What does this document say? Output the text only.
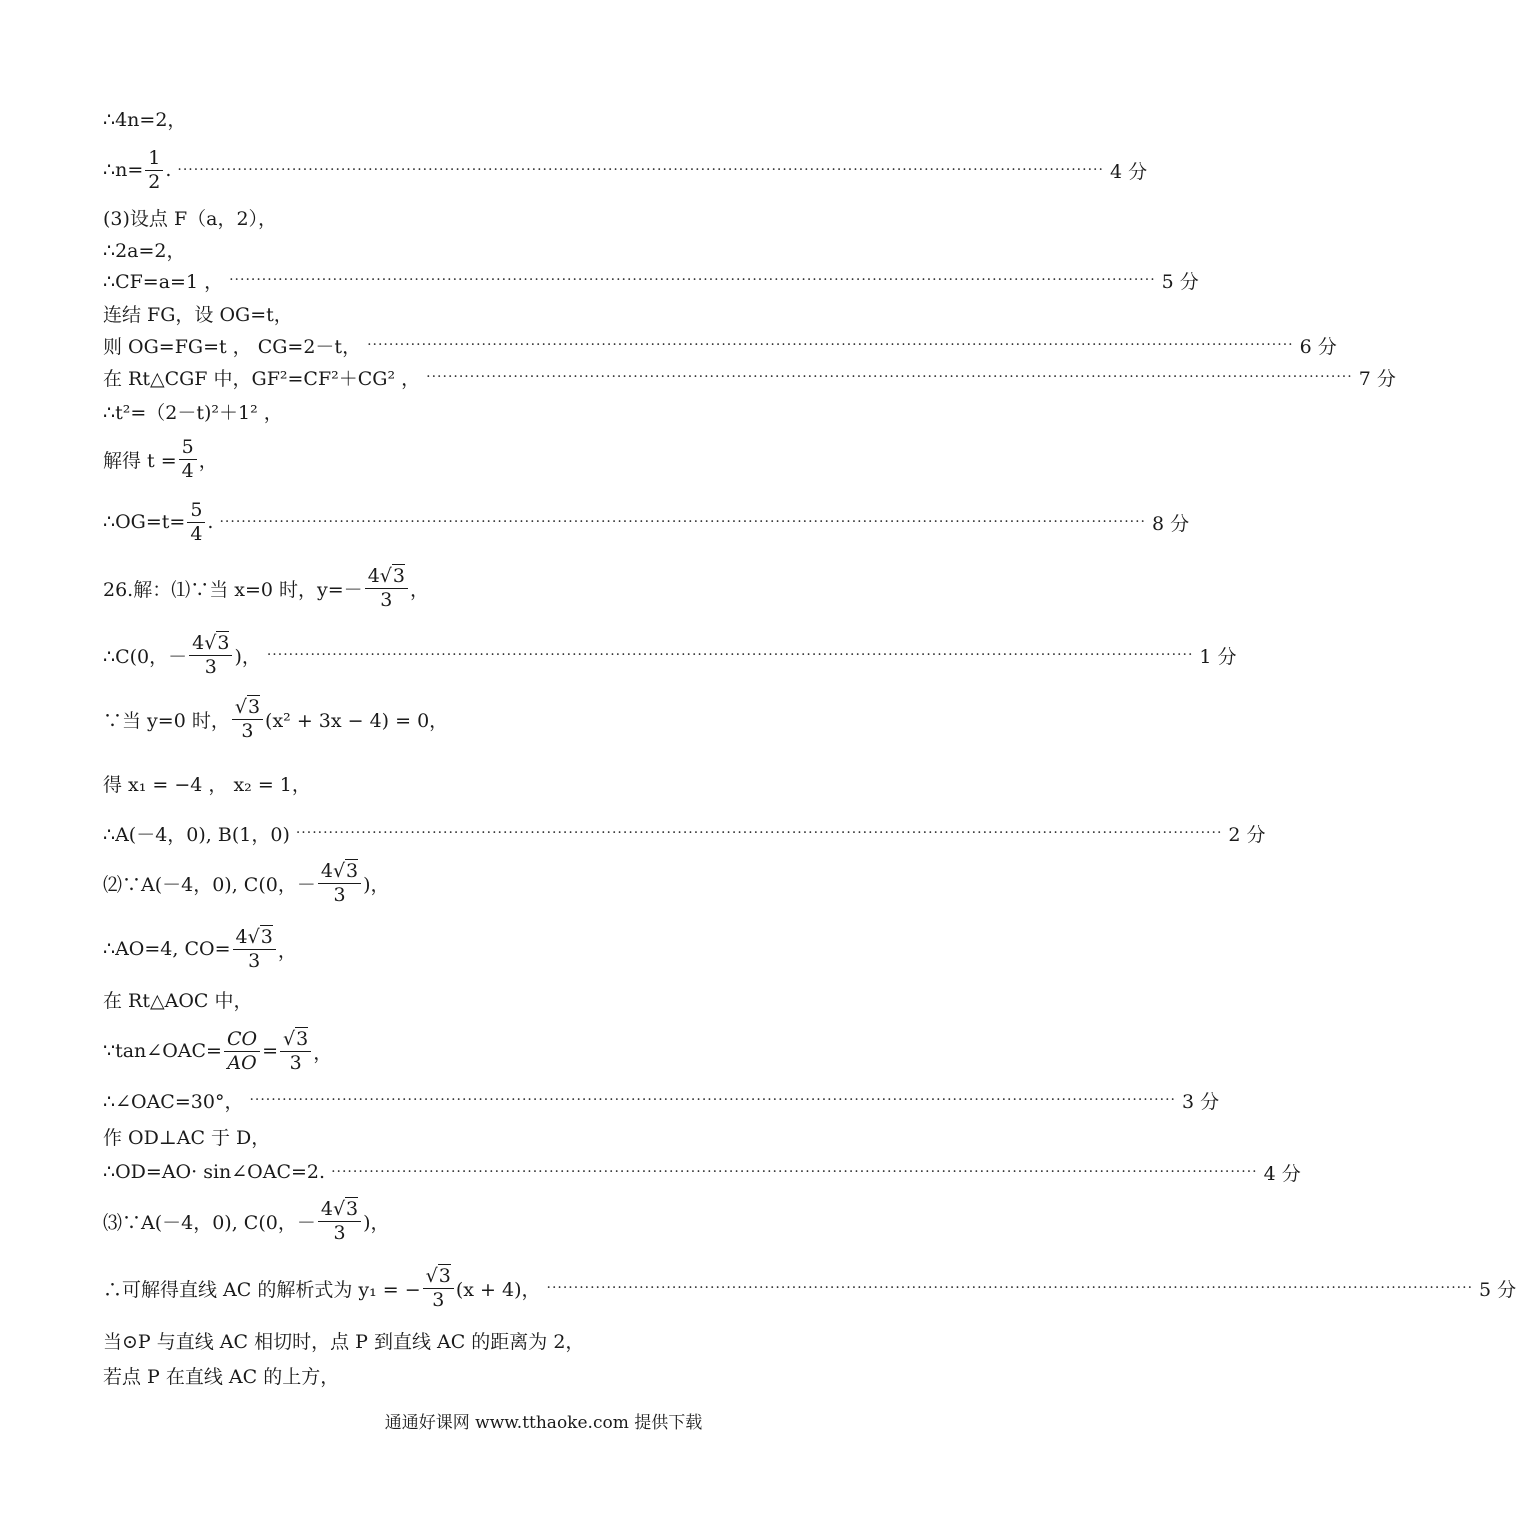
∴4n=2，
∴n= $\frac{1}{2}$ . ·········································································································································································· 4 分
(3)设点 F（a，2），
∴2a=2，
∴CF=a=1 ， ·········································································································································································· 5 分
连结 FG，设 OG=t，
则 OG=FG=t ， CG=2－t， ·········································································································································································· 6 分
在 Rt△CGF 中，GF²=CF²＋CG² ， ·········································································································································································· 7 分
∴t²=（2－t)²＋1² ，
解得 $t = \frac{5}{4}$ ，
∴OG=t= $\frac{5}{4}$ . ·········································································································································································· 8 分
26.解：⑴∵当 x=0 时，$y=- \frac{4√3}{3}$ ，
∴C(0，－ $\frac{4√3}{3}$ )， ·········································································································································································· 1 分
∵当 y=0 时， $\frac{√3}{3} (x^2 + 3x - 4) = 0$，
得 x₁ = −4 ， x₂ = 1，
∴A(－4，0), B(1，0) ·········································································································································································· 2 分
⑵∵A(－4，0), C(0，－ $\frac{4√3}{3}$ )，
∴AO=4, $CO= \frac{4√3}{3}$ ，
在 Rt△AOC 中，
∵tan∠OAC= $\frac{CO}{AO} = \frac{√3}{3}$ ，
∴∠OAC=30°， ·········································································································································································· 3 分
作 OD⊥AC 于 D，
∴OD=AO· sin∠OAC=2. ·········································································································································································· 4 分
⑶∵A(－4，0), C(0，－ $\frac{4√3}{3}$ )，
∴可解得直线 AC 的解析式为 y₁ = − $\frac{√3}{3} (x + 4)$， ·········································································································································································· 5 分
当⊙P 与直线 AC 相切时，点 P 到直线 AC 的距离为 2，
若点 P 在直线 AC 的上方，
通通好课网 www.tthaoke.com 提供下载
